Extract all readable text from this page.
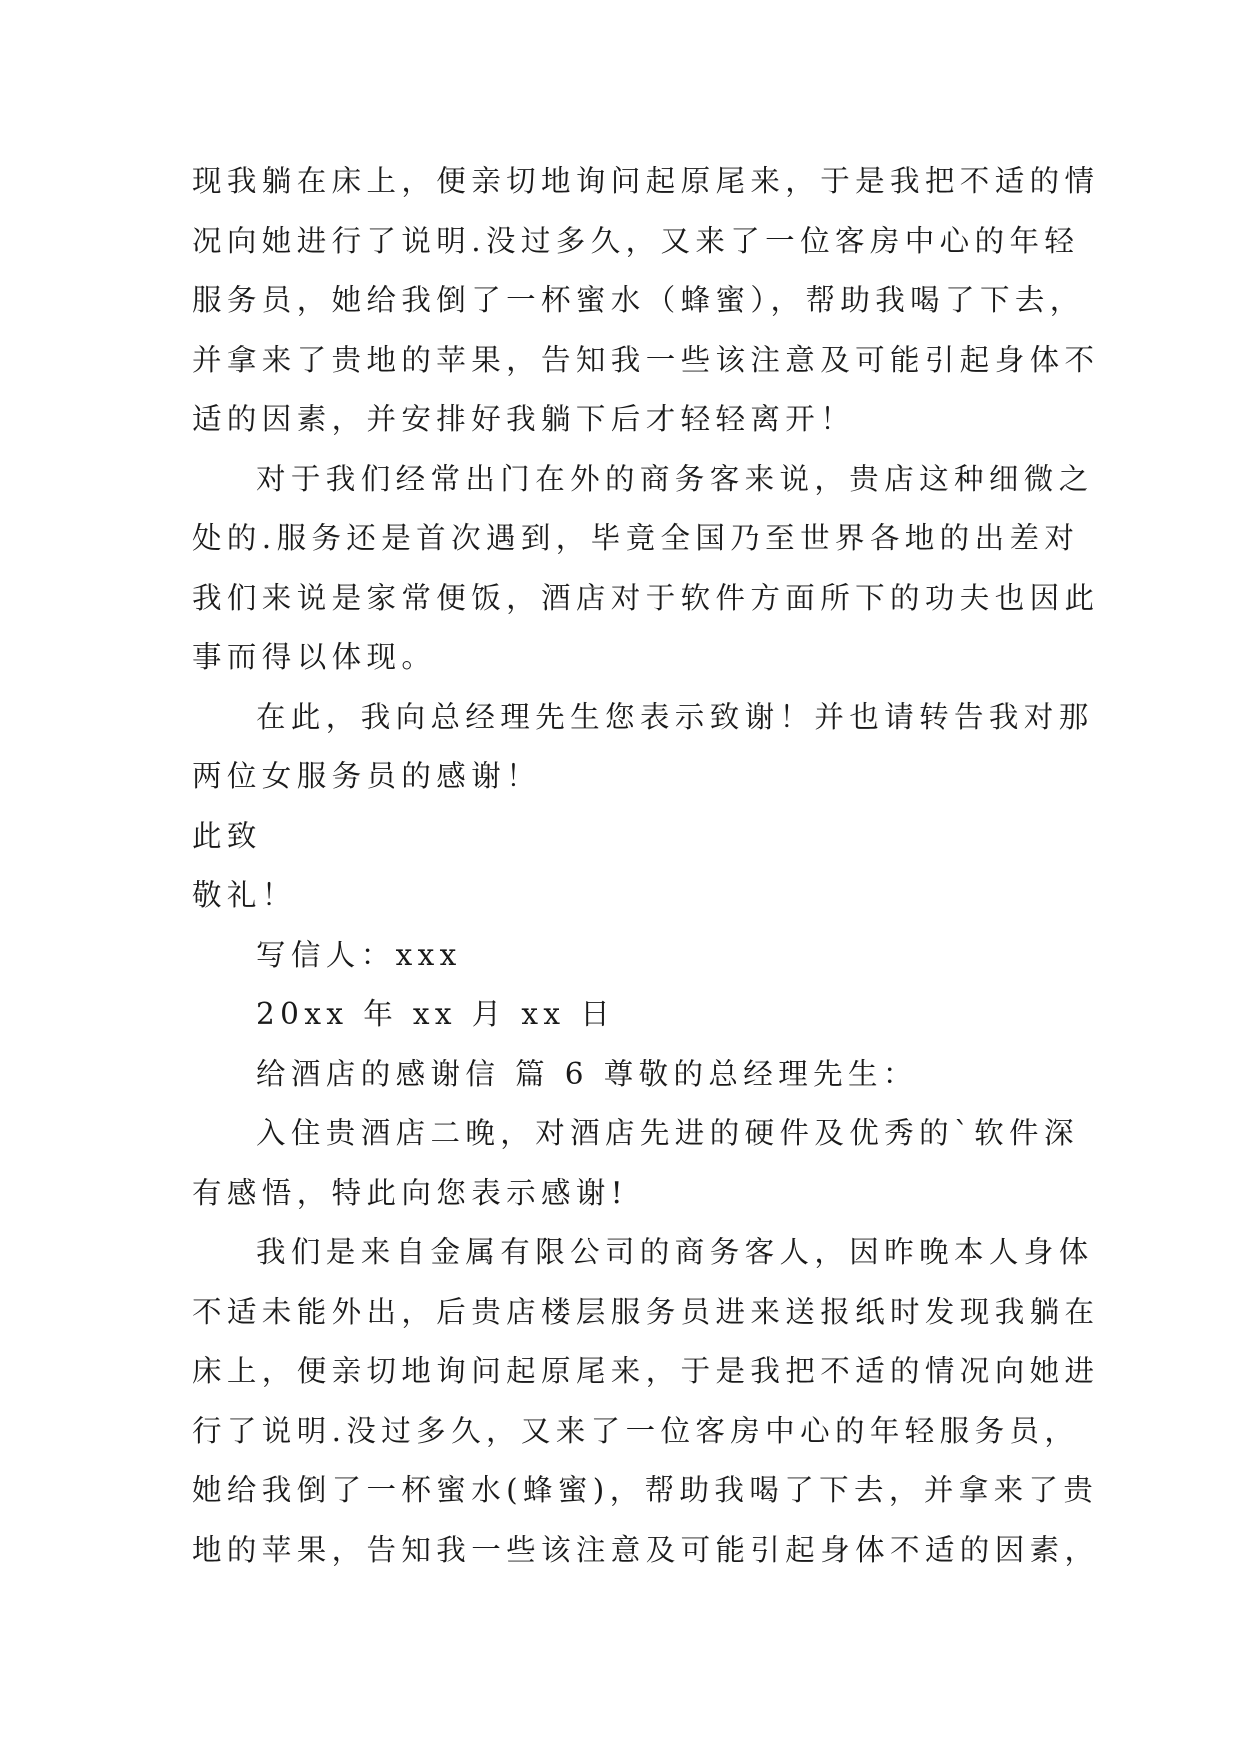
现我躺在床上，便亲切地询问起原尾来，于是我把不适的情
况向她进行了说明.没过多久，又来了一位客房中心的年轻
服务员，她给我倒了一杯蜜水（蜂蜜），帮助我喝了下去，
并拿来了贵地的苹果，告知我一些该注意及可能引起身体不
适的因素，并安排好我躺下后才轻轻离开！
对于我们经常出门在外的商务客来说，贵店这种细微之
处的.服务还是首次遇到，毕竟全国乃至世界各地的出差对
我们来说是家常便饭，酒店对于软件方面所下的功夫也因此
事而得以体现。
在此，我向总经理先生您表示致谢！并也请转告我对那
两位女服务员的感谢！
此致
敬礼！
写信人：xxx
20xx 年 xx 月 xx 日
给酒店的感谢信 篇 6 尊敬的总经理先生：
入住贵酒店二晚，对酒店先进的硬件及优秀的`软件深
有感悟，特此向您表示感谢!
我们是来自金属有限公司的商务客人，因昨晚本人身体
不适未能外出，后贵店楼层服务员进来送报纸时发现我躺在
床上，便亲切地询问起原尾来，于是我把不适的情况向她进
行了说明.没过多久，又来了一位客房中心的年轻服务员，
她给我倒了一杯蜜水(蜂蜜)，帮助我喝了下去，并拿来了贵
地的苹果，告知我一些该注意及可能引起身体不适的因素，
